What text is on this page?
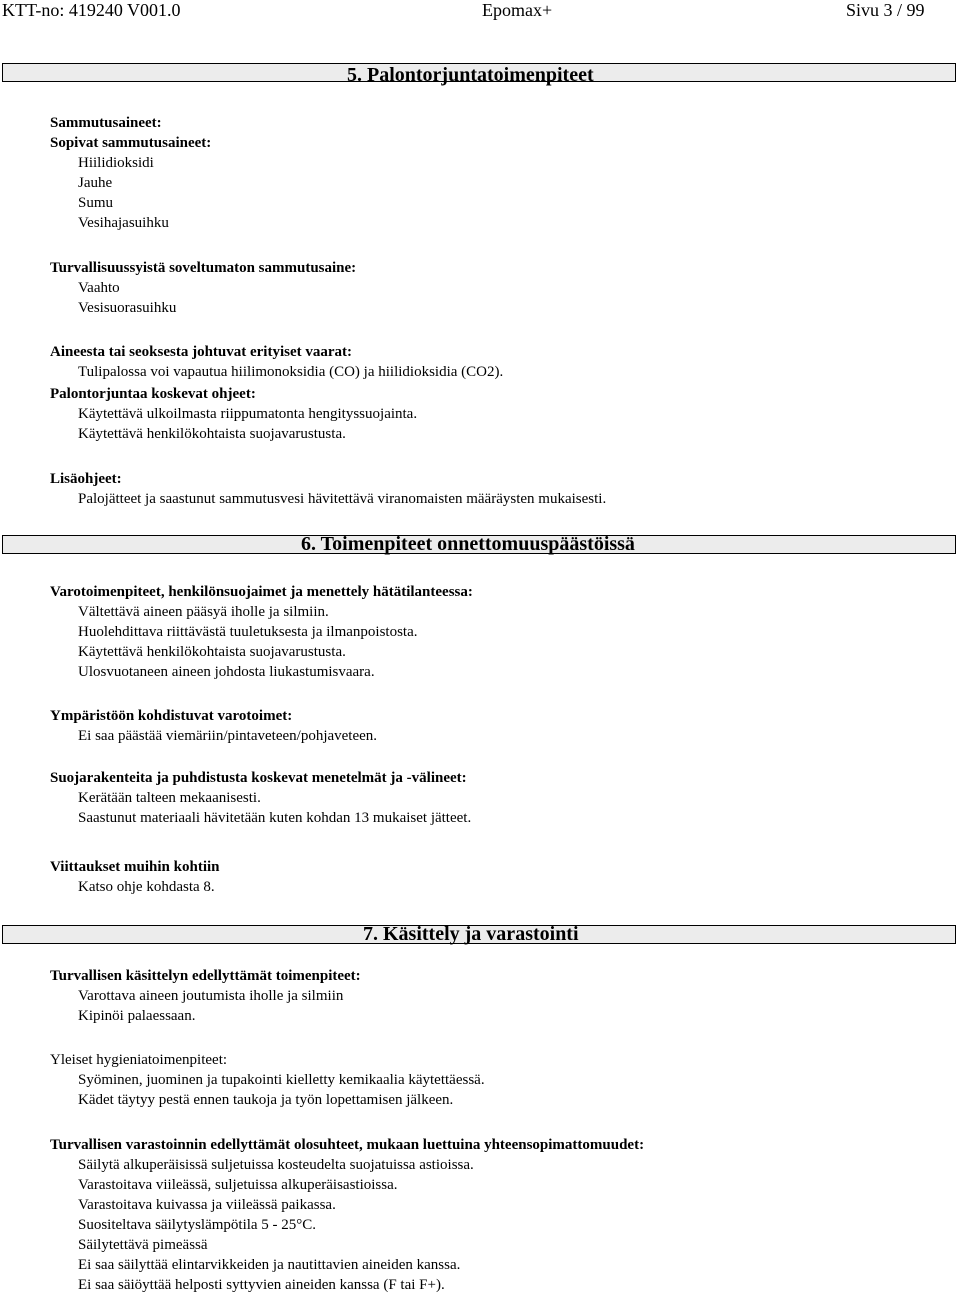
KTT-no: 419240 V001.0	Epomax+	Sivu 3 / 99
5. Palontorjuntatoimenpiteet
Sammutusaineet:
Sopivat sammutusaineet:
Hiilidioksidi
Jauhe
Sumu
Vesihajasuihku
Turvallisuussyistä soveltumaton sammutusaine:
Vaahto
Vesisuorasuihku
Aineesta tai seoksesta johtuvat erityiset vaarat:
Tulipalossa voi vapautua hiilimonoksidia (CO) ja hiilidioksidia (CO2).
Palontorjuntaa koskevat ohjeet:
Käytettävä ulkoilmasta riippumatonta hengityssuojainta.
Käytettävä henkilökohtaista suojavarustusta.
Lisäohjeet:
Palojätteet ja saastunut sammutusvesi hävitettävä viranomaisten määräysten mukaisesti.
6. Toimenpiteet onnettomuuspäästöissä
Varotoimenpiteet, henkilönsuojaimet ja menettely hätätilanteessa:
Vältettävä aineen pääsyä iholle ja silmiin.
Huolehdittava riittävästä tuuletuksesta ja ilmanpoistosta.
Käytettävä henkilökohtaista suojavarustusta.
Ulosvuotaneen aineen johdosta liukastumisvaara.
Ympäristöön kohdistuvat varotoimet:
Ei saa päästää viemäriin/pintaveteen/pohjaveteen.
Suojarakenteita ja puhdistusta koskevat menetelmät ja -välineet:
Kerätään talteen mekaanisesti.
Saastunut materiaali hävitetään kuten kohdan 13 mukaiset jätteet.
Viittaukset muihin kohtiin
Katso ohje kohdasta 8.
7. Käsittely ja varastointi
Turvallisen käsittelyn edellyttämät toimenpiteet:
Varottava aineen joutumista iholle ja silmiin
Kipinöi palaessaan.
Yleiset hygieniatoimenpiteet:
Syöminen, juominen ja tupakointi kielletty kemikaalia käytettäessä.
Kädet täytyy pestä ennen taukoja ja työn lopettamisen jälkeen.
Turvallisen varastoinnin edellyttämät olosuhteet, mukaan luettuina yhteensopimattomuudet:
Säilytä alkuperäisissä suljetuissa kosteudelta suojatuissa astioissa.
Varastoitava viileässä, suljetuissa alkuperäisastioissa.
Varastoitava kuivassa ja viileässä paikassa.
Suositeltava säilytyslämpötila 5 - 25°C.
Säilytettävä pimeässä
Ei saa säilyttää elintarvikkeiden ja nautittavien aineiden kanssa.
Ei saa säiöyttää helposti syttyvien aineiden kanssa (F tai F+).
